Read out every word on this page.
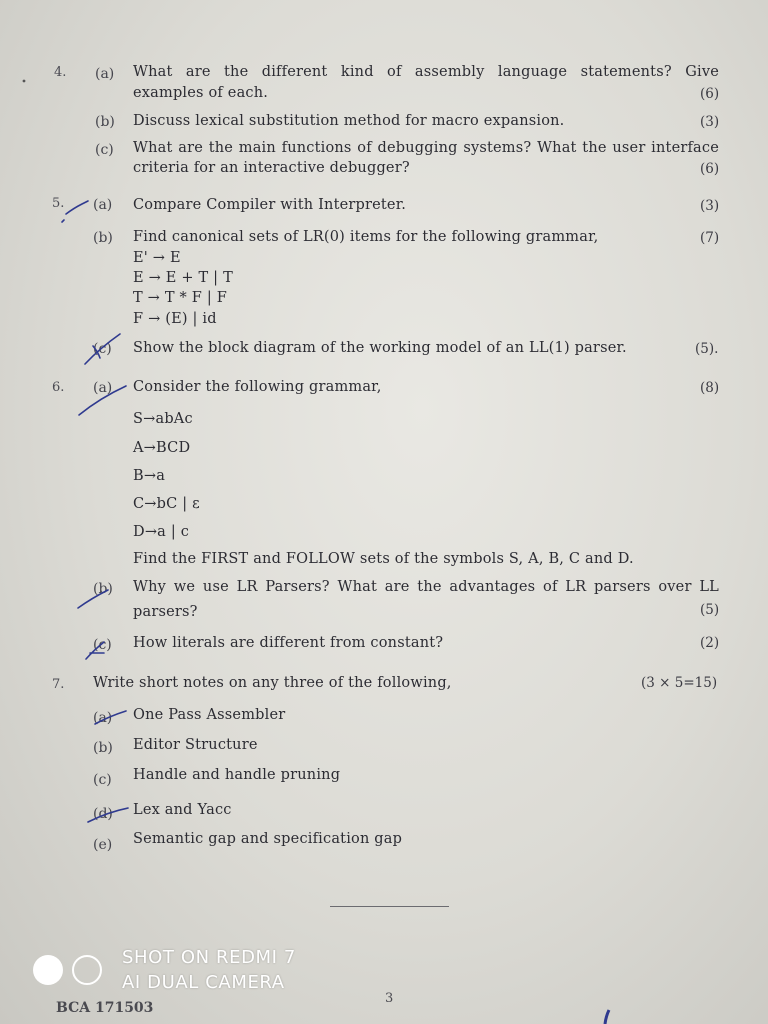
4. (a) What are the different kind of assembly language statements? Give
examples of each.	(6)
(b) Discuss lexical substitution method for macro expansion.	(3)
(c) What are the main functions of debugging systems? What the user interface
criteria for an interactive debugger?	(6)
5. (a) Compare Compiler with Interpreter.	(3)
(b) Find canonical sets of LR(0) items for the following grammar,	(7)
E' → E
E → E + T | T
T → T * F | F
F → (E) | id
(c) Show the block diagram of the working model of an LL(1) parser.	(5).
6. (a) Consider the following grammar,	(8)
S→abAc
A→BCD
B→a
C→bC | ε
D→a | c
Find the FIRST and FOLLOW sets of the symbols S, A, B, C and D.
(b) Why we use LR Parsers? What are the advantages of LR parsers over LL
parsers?	(5)
(c) How literals are different from constant?	(2)
7. Write short notes on any three of the following,	(3 × 5=15)
(a) One Pass Assembler
(b) Editor Structure
(c) Handle and handle pruning
(d) Lex and Yacc
(e) Semantic gap and specification gap
BCA 171503
3
SHOT ON REDMI 7
AI DUAL CAMERA
